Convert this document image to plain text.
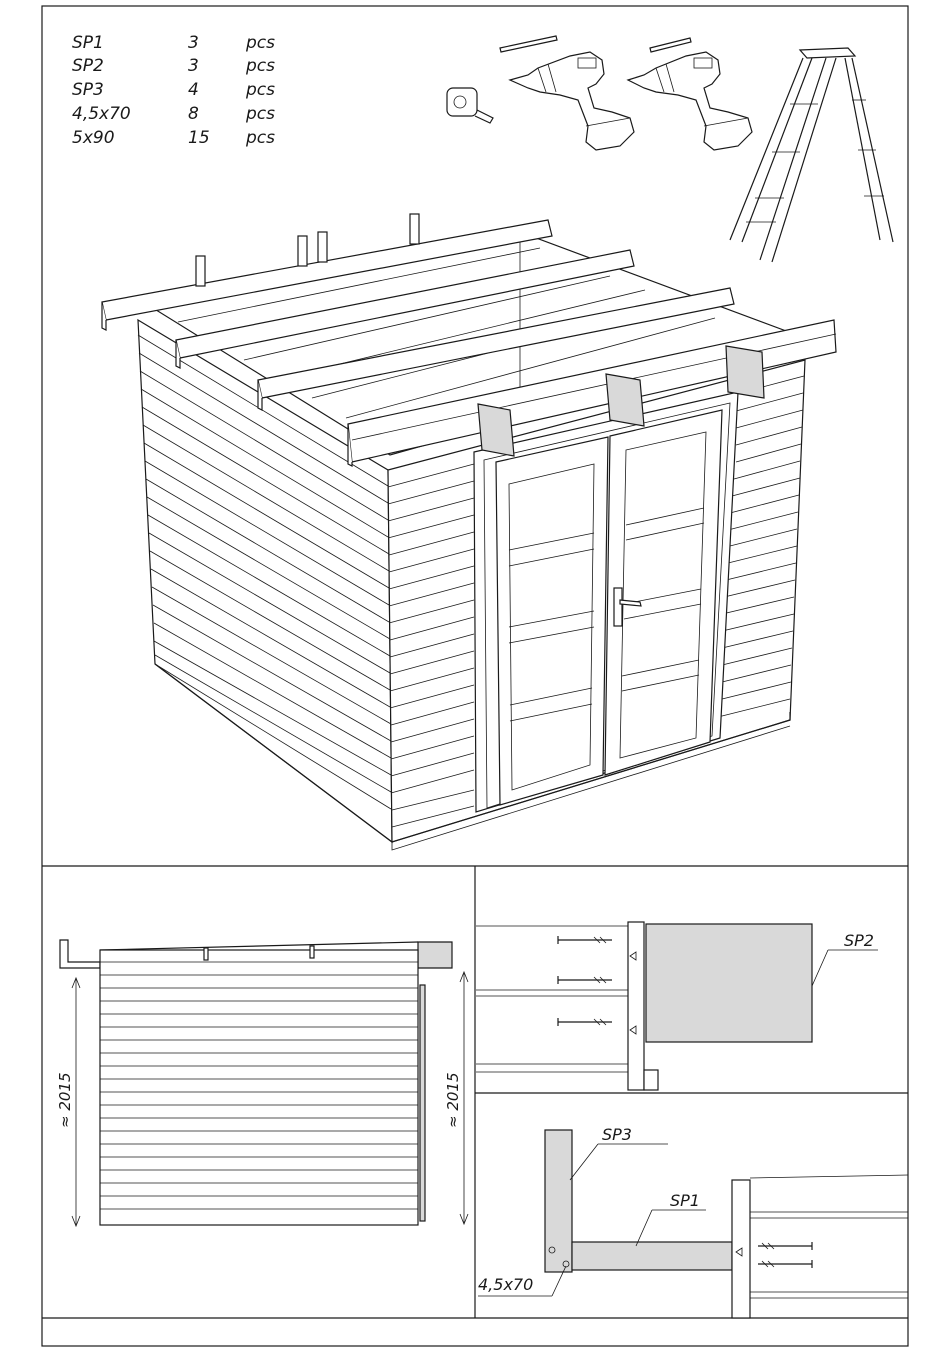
SP1	3	pcs
SP2	3	pcs
SP3	4	pcs
4,5x70	8	pcs
5x90	15 pcs
≈ 2015	≈ 2015
SP2
SP3
SP1
4,5x70
